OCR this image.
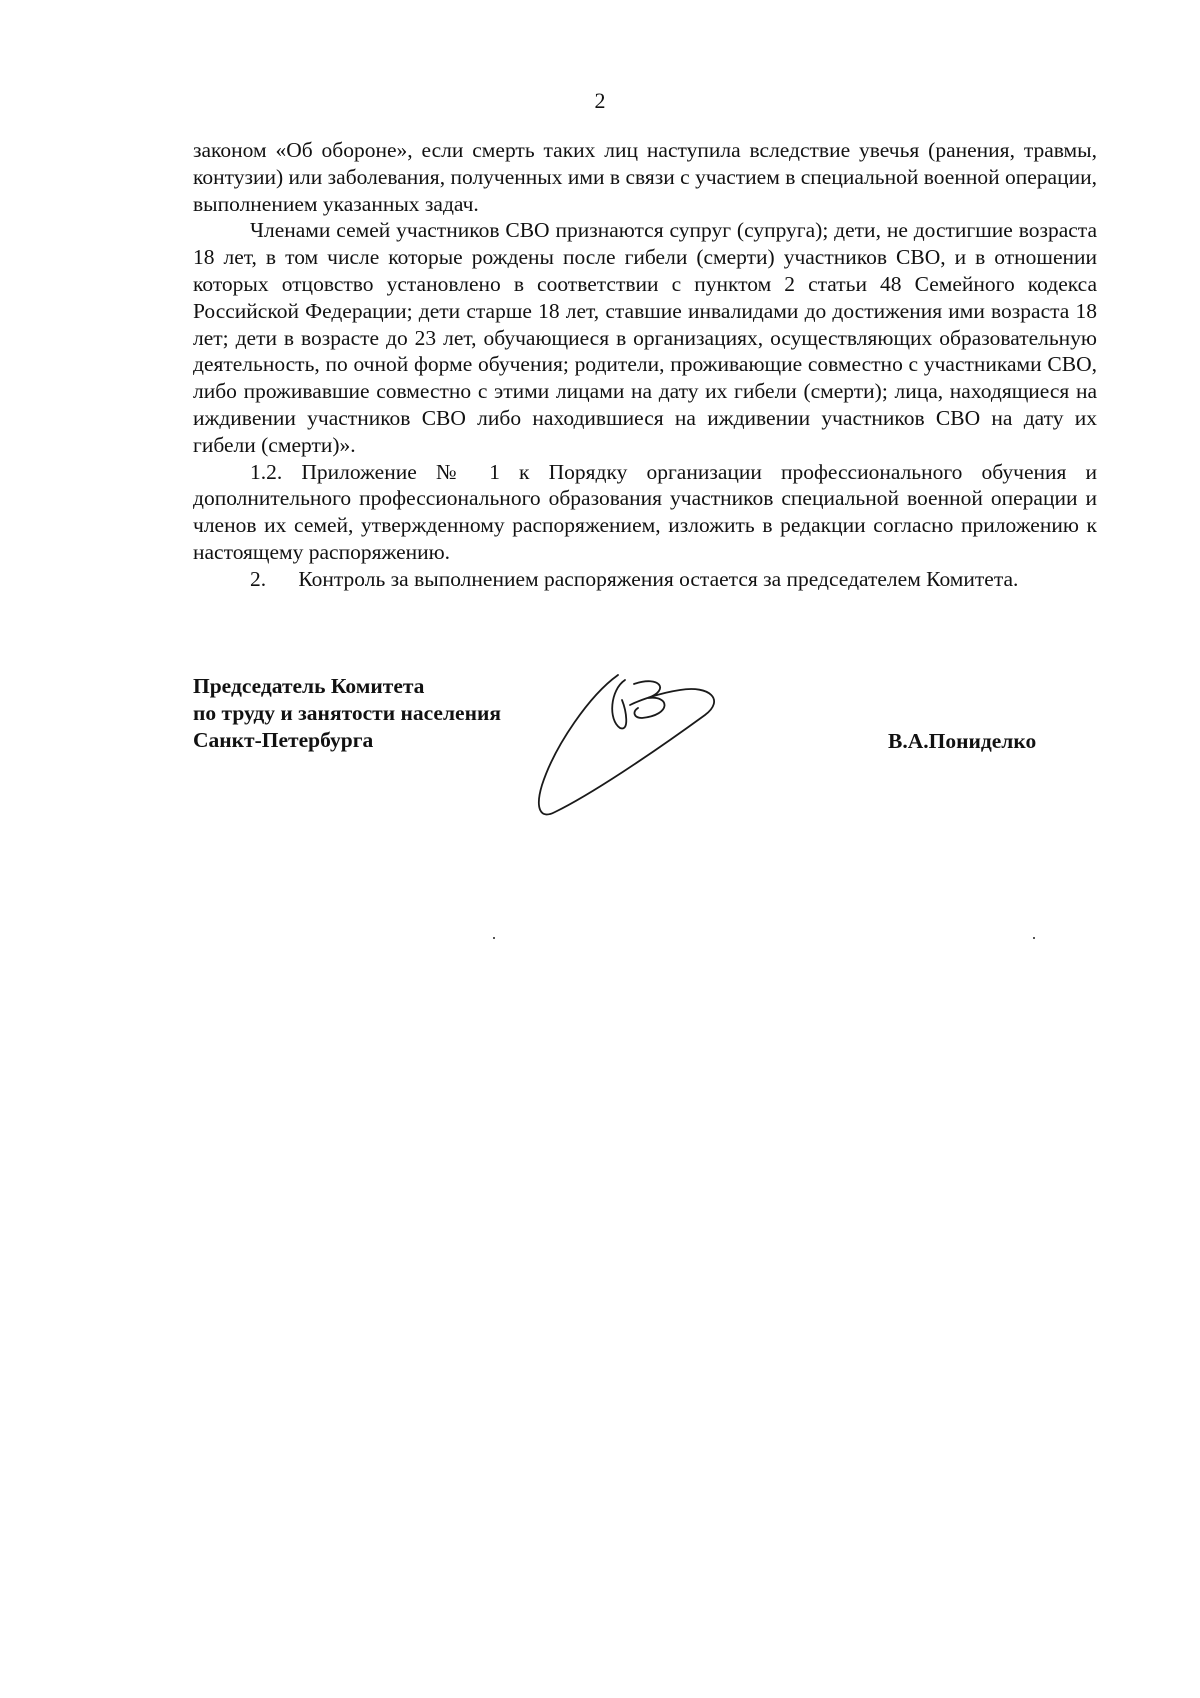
2

законом «Об обороне», если смерть таких лиц наступила вследствие увечья (ранения, травмы, контузии) или заболевания, полученных ими в связи с участием в специальной военной операции, выполнением указанных задач.

Членами семей участников СВО признаются супруг (супруга); дети, не достигшие возраста 18 лет, в том числе которые рождены после гибели (смерти) участников СВО, и в отношении которых отцовство установлено в соответствии с пунктом 2 статьи 48 Семейного кодекса Российской Федерации; дети старше 18 лет, ставшие инвалидами до достижения ими возраста 18 лет; дети в возрасте до 23 лет, обучающиеся в организациях, осуществляющих образовательную деятельность, по очной форме обучения; родители, проживающие совместно с участниками СВО, либо проживавшие совместно с этими лицами на дату их гибели (смерти); лица, находящиеся на иждивении участников СВО либо находившиеся на иждивении участников СВО на дату их гибели (смерти)».

1.2. Приложение № 1 к Порядку организации профессионального обучения и дополнительного профессионального образования участников специальной военной операции и членов их семей, утвержденному распоряжением, изложить в редакции согласно приложению к настоящему распоряжению.

2.      Контроль за выполнением распоряжения остается за председателем Комитета.

Председатель Комитета
по труду и занятости населения
Санкт-Петербурга	В.А.Пониделко
